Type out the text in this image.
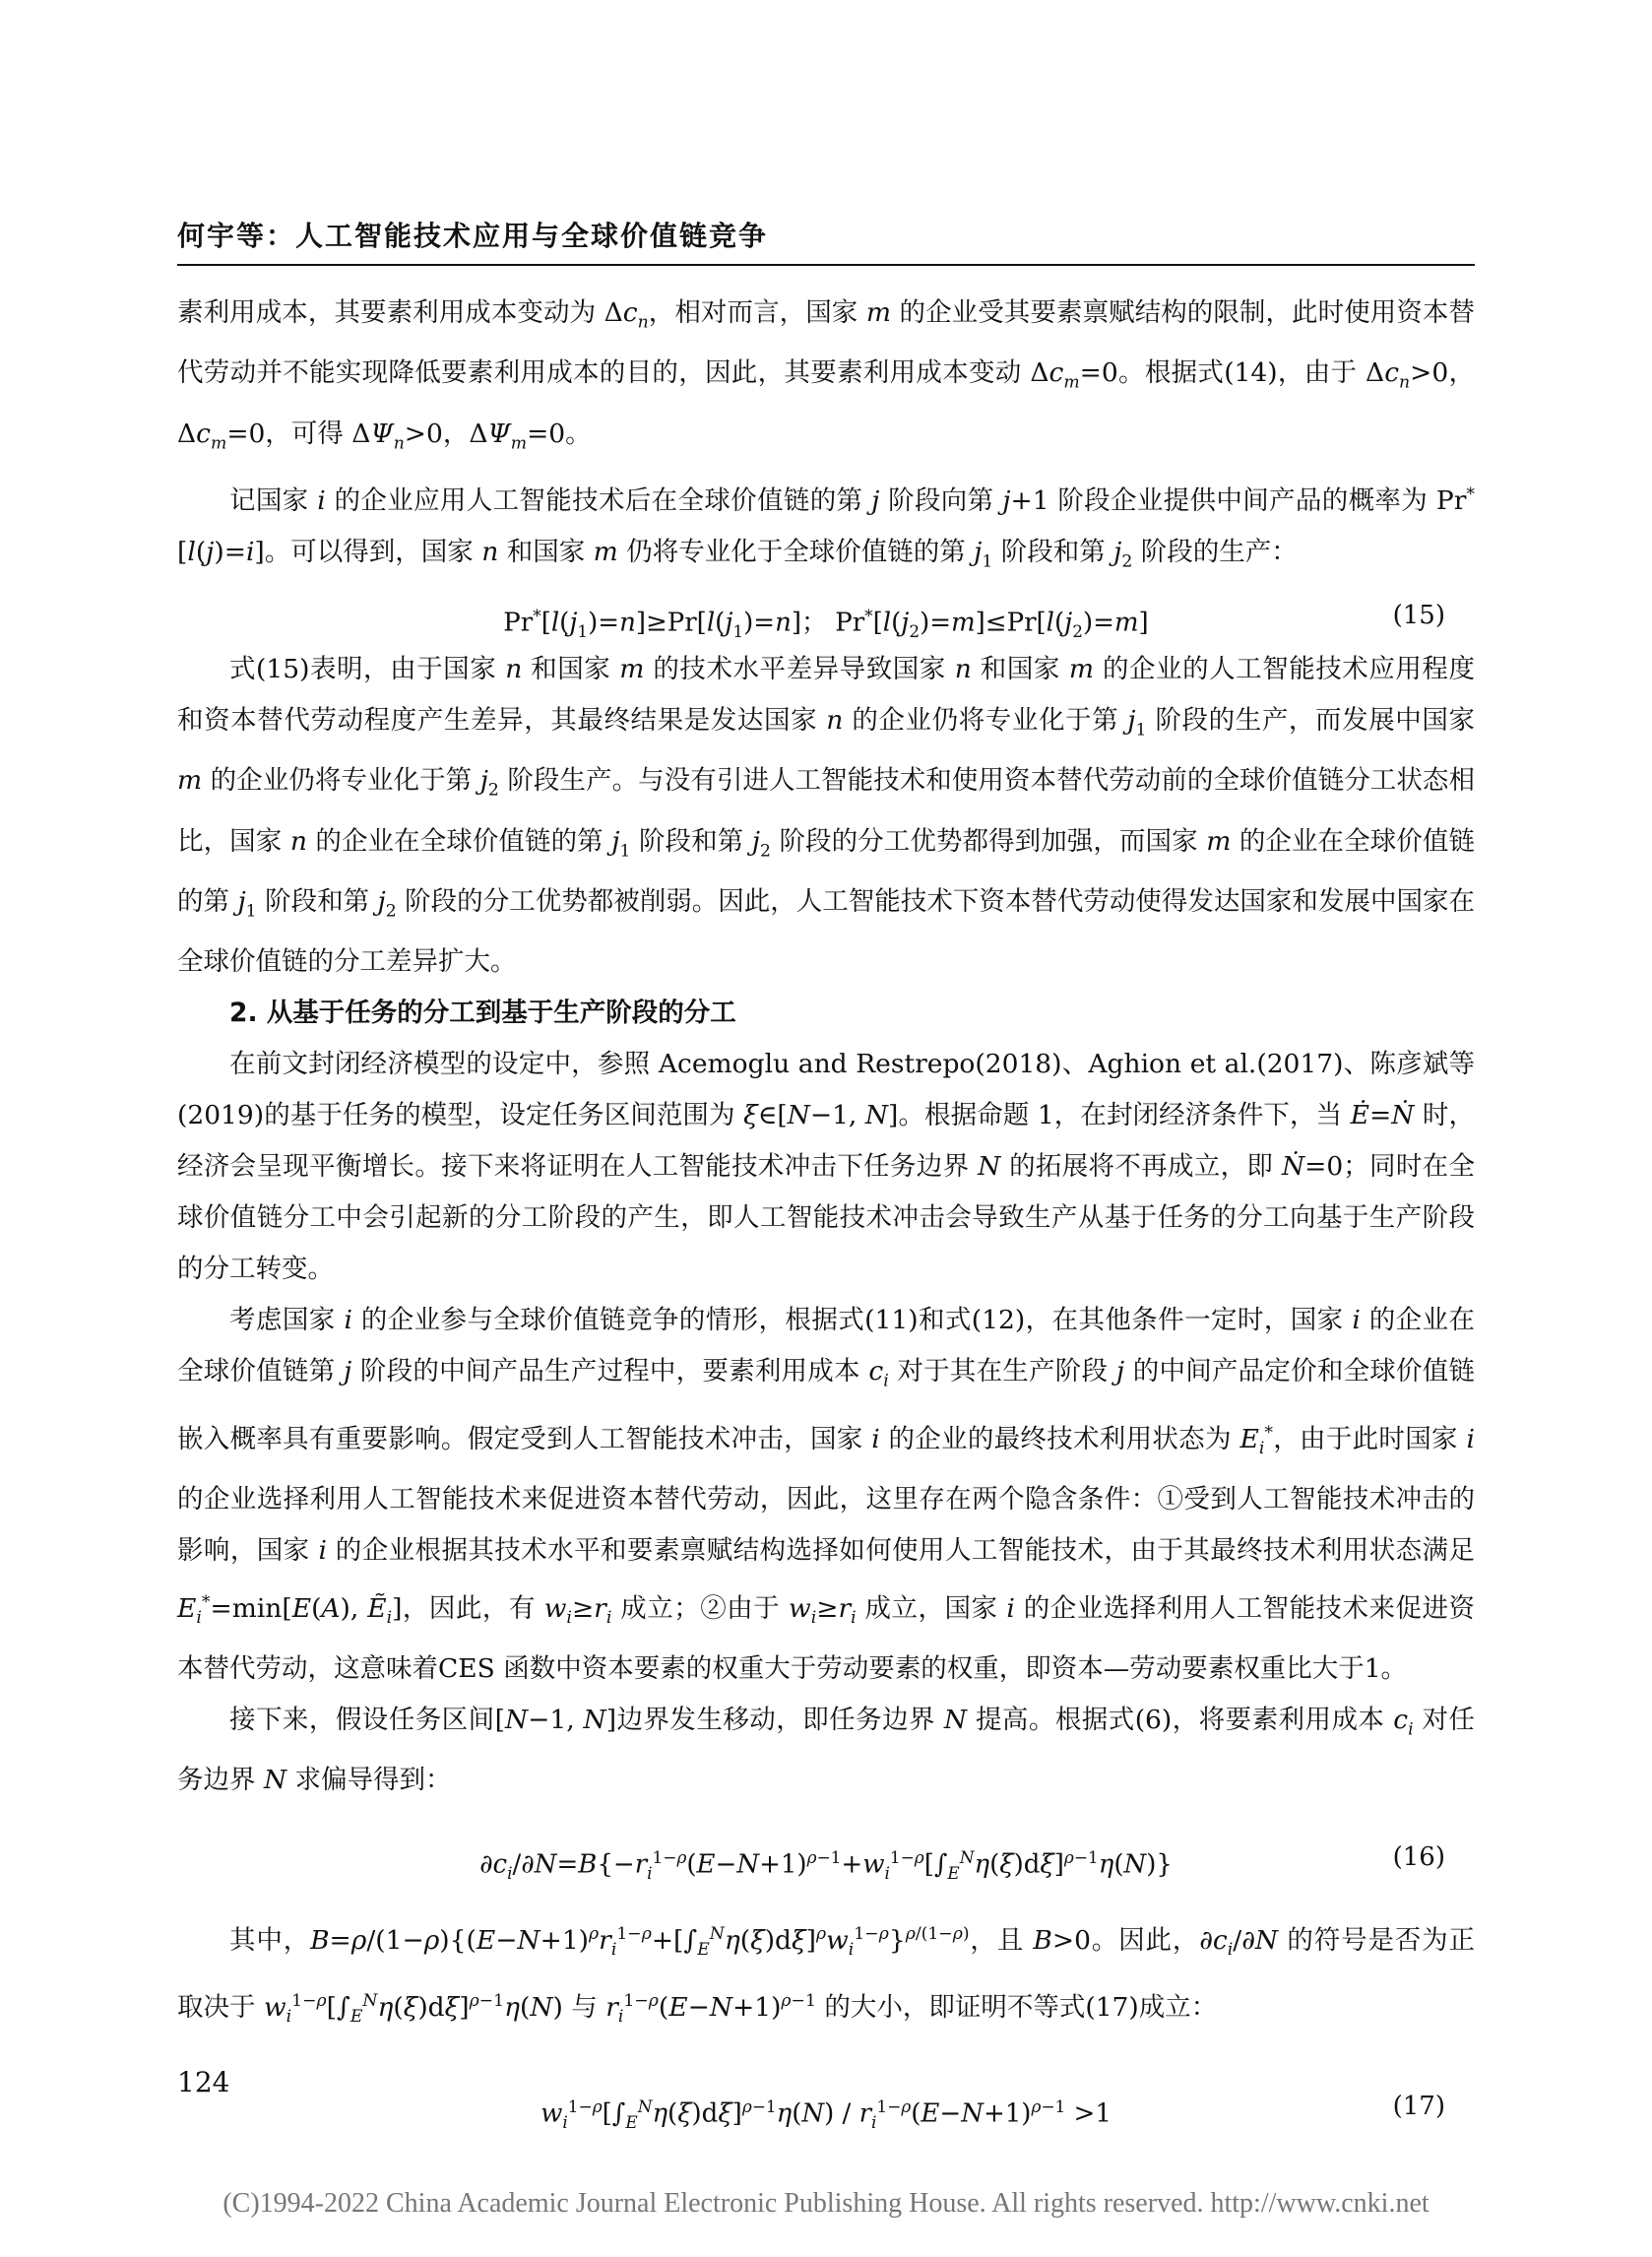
何宇等：人工智能技术应用与全球价值链竞争

素利用成本，其要素利用成本变动为 $\Delta c_n$，相对而言，国家 m 的企业受其要素禀赋结构的限制，此时使用资本替代劳动并不能实现降低要素利用成本的目的，因此，其要素利用成本变动 $\Delta c_m=0$。根据式(14)，由于 $\Delta c_n>0$，$\Delta c_m=0$，可得 $\Delta\Psi_n>0$，$\Delta\Psi_m=0$。

记国家 i 的企业应用人工智能技术后在全球价值链的第 j 阶段向第 j+1 阶段企业提供中间产品的概率为 Pr*[l(j)=i]。可以得到，国家 n 和国家 m 仍将专业化于全球价值链的第 $j_1$ 阶段和第 $j_2$ 阶段的生产：

$Pr^*[l(j_1)=n]\ge Pr[l(j_1)=n]$； $Pr^*[l(j_2)=m]\le Pr[l(j_2)=m]$	(15)

式(15)表明，由于国家 n 和国家 m 的技术水平差异导致国家 n 和国家 m 的企业的人工智能技术应用程度和资本替代劳动程度产生差异，其最终结果是发达国家 n 的企业仍将专业化于第 $j_1$ 阶段的生产，而发展中国家 m 的企业仍将专业化于第 $j_2$ 阶段生产。与没有引进人工智能技术和使用资本替代劳动前的全球价值链分工状态相比，国家 n 的企业在全球价值链的第 $j_1$ 阶段和第 $j_2$ 阶段的分工优势都得到加强，而国家 m 的企业在全球价值链的第 $j_1$ 阶段和第 $j_2$ 阶段的分工优势都被削弱。因此，人工智能技术下资本替代劳动使得发达国家和发展中国家在全球价值链的分工差异扩大。

2. 从基于任务的分工到基于生产阶段的分工

在前文封闭经济模型的设定中，参照 Acemoglu and Restrepo(2018)、Aghion et al.(2017)、陈彦斌等(2019)的基于任务的模型，设定任务区间范围为 ξ∈[N−1, N]。根据命题 1，在封闭经济条件下，当 Ė=Ṅ 时，经济会呈现平衡增长。接下来将证明在人工智能技术冲击下任务边界 N 的拓展将不再成立，即 Ṅ=0；同时在全球价值链分工中会引起新的分工阶段的产生，即人工智能技术冲击会导致生产从基于任务的分工向基于生产阶段的分工转变。

考虑国家 i 的企业参与全球价值链竞争的情形，根据式(11)和式(12)，在其他条件一定时，国家 i 的企业在全球价值链第 j 阶段的中间产品生产过程中，要素利用成本 $c_i$ 对于其在生产阶段 j 的中间产品定价和全球价值链嵌入概率具有重要影响。假定受到人工智能技术冲击，国家 i 的企业的最终技术利用状态为 $E_i^*$，由于此时国家 i 的企业选择利用人工智能技术来促进资本替代劳动，因此，这里存在两个隐含条件：①受到人工智能技术冲击的影响，国家 i 的企业根据其技术水平和要素禀赋结构选择如何使用人工智能技术，由于其最终技术利用状态满足 $E_i^*=\min[E(A)$, Ẽ$_i$]，因此，有 $w_i\ge r_i$ 成立；②由于 $w_i\ge r_i$ 成立，国家 i 的企业选择利用人工智能技术来促进资本替代劳动，这意味着CES 函数中资本要素的权重大于劳动要素的权重，即资本—劳动要素权重比大于1。

接下来，假设任务区间[N−1, N]边界发生移动，即任务边界 N 提高。根据式(6)，将要素利用成本 $c_i$ 对任务边界 N 求偏导得到：

$\partial c_i/\partial N=B\{-r_i^{1-\rho}(E-N+1)^{\rho-1}+w_i^{1-\rho}[\int_E^N\eta(\xi)d\xi]^{\rho-1}\eta(N)\}$	(16)

其中，$B=\rho/(1-\rho)\{(E-N+1)^\rho r_i^{1-\rho}+[\int_E^N\eta(\xi)d\xi]^\rho w_i^{1-\rho}\}^{\rho/(1-\rho)}$，且 B>0。因此，$\partial c_i/\partial N$ 的符号是否为正取决于 $w_i^{1-\rho}[\int_E^N\eta(\xi)d\xi]^{\rho-1}\eta(N)$ 与 $r_i^{1-\rho}(E-N+1)^{\rho-1}$ 的大小，即证明不等式(17)成立：

$w_i^{1-\rho}[\int_E^N\eta(\xi)d\xi]^{\rho-1}\eta(N) / r_i^{1-\rho}(E-N+1)^{\rho-1} >1$	(17)
124
(C)1994-2022 China Academic Journal Electronic Publishing House. All rights reserved. http://www.cnki.net
